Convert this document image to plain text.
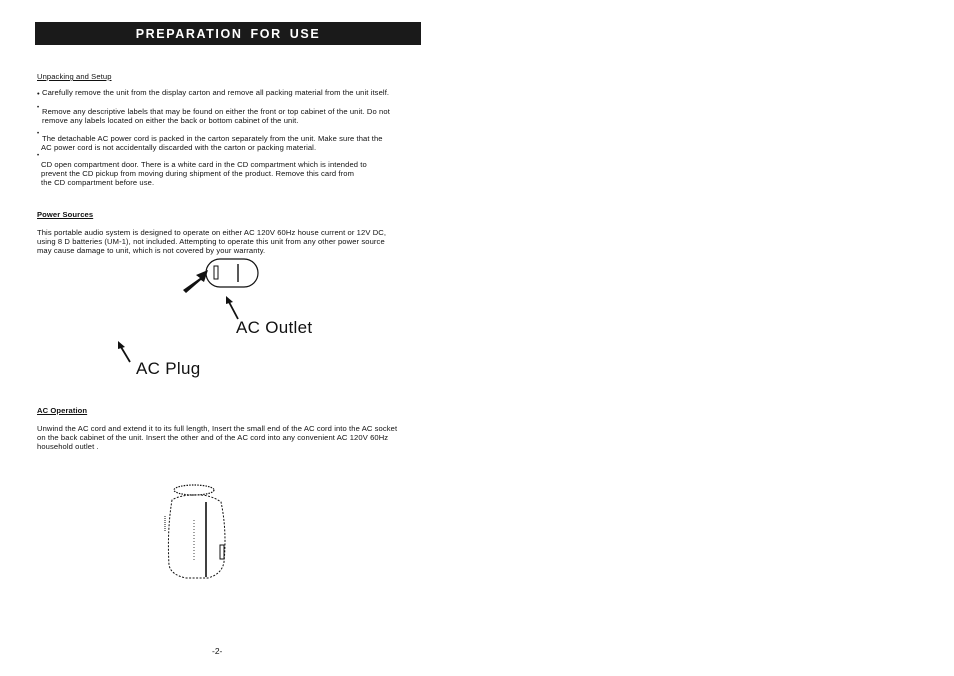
PREPARATION FOR USE
Unpacking and Setup
• Carefully remove the unit from the display carton and remove all packing material from the unit itself.
• Remove any descriptive labels that may be found on either the front or top cabinet of the unit. Do not
remove any labels located on either the back or bottom cabinet of the unit.
• The detachable AC power cord is packed in the carton separately from the unit. Make sure that the
AC power cord is not accidentally discarded with the carton or packing material.
•
CD open compartment door. There is a white card in the CD compartment which is intended to
prevent the CD pickup from moving during shipment of the product. Remove this card from
the CD compartment before use.
Power Sources
This portable audio system is designed to operate on either AC 120V 60Hz house current or 12V DC,
using 8 D batteries (UM-1), not included. Attempting to operate this unit from any other power source
may cause damage to unit, which is not covered by your warranty.
AC Outlet
AC Plug
AC Operation
Unwind the AC cord and extend it to its full length, Insert the small end of the AC cord into the AC socket
on the back cabinet of the unit. Insert the other and of the AC cord into any convenient AC 120V 60Hz
household outlet .
-2-
